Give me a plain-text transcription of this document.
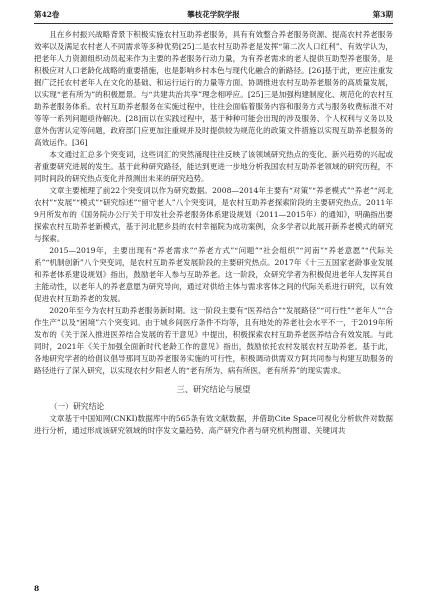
第42卷	攀枝花学院学报	第3期

且在乡村振兴战略背景下积极实施农村互助养老服务，具有有效整合养老服务资源、提高农村养老服务效率以及满足农村老人不同需求等多种优势[25]二是农村互助养老是发挥“第二次人口红利”、有效学认为，把老年人力资源组织动员起来作为主要的养老服务行动力量，为有养老需求的老人提供互助型养老服务，是积极应对人口老龄化战略的重要措施，也是影响乡村本色与现代化融合的新路径。[26]基于此，更应注重发掘广泛托农村老年人在文化的基础、和运行运行的力量等方面、协调推进农村互助养老服务的高质量发展，以实现“老有所为”的积极愿景。与“共建共治共享”理念相呼应。[25]三是加强构建制度化、规范化的农村互助养老服务体系。农村互助养老服务在实施过程中，往往会面临着服务内容和服务方式与服务收费标准不对等等一系列问题亟待解决。[28]而以在实践过程中，基于种种可能会出现的涉及服务、个人权利与义务以及意外伤害认定等问题，政府部门应更加注重规并及时提供较为规范化的政策文件措施以实现互助养老服务的高效运作。[36]

本文通过汇总多个突变词，这些词汇的突然涌现往往反映了该领域研究热点的变化、新兴趋势的兴起或者重要研究进展的发生。基于此种研究路径，能达到更进一步地分析我国农村互助养老领域的研究历程，不同时间段的研究热点变化并预测出未来的研究趋势。

文章主要梳理了前22个突变词以作为研究数据。2008—2014年主要有“对策”“养老模式”“养老”“河北农村”“发展”“模式”“研究综述”“留守老人”八个突变词，是农村互助养老探索阶段的主要研究热点。2011年9月所发布的《国务院办公厅关于印发社会养老服务体系建设规划（2011—2015年）的通知》，明确指出要探索农村互助养老新模式，基于河北肥乡县的农村幸福院为成功案例，众多学者以此展开新养老模式的研究与探索。

2015—2019年，主要出现有“养老需求”“养老方式”“问题”“社会组织”“河南”“养老意愿”“代际关系”“机制创新”八个突变词，是农村互助养老发展阶段的主要研究热点。2017年《十三五国家老龄事业发展和养老体系建设规划》指出，鼓励老年人参与互助养老。这一阶段，众研究学者为积极促进老年人发挥其自主能动性，以老年人的养老意愿为研究导向，通过对供给主体与需求客体之间的代际关系进行研究，以有效促进农村互助养老的发展。

2020年至今为农村互助养老服务新时期。这一阶段主要有“医养结合”“发展路径”“可行性”“老年人”“合作生产”以及“困境”六个突变词。由于城乡间医疗条件不均等，且有地处的养老社会水平不一，于2019年所发布的《关于深入推进医养结合发展的若干意见》中提出，积极探索农村互助养老医养结合有效发展。与此同时，2021年《关于加强全面新时代老龄工作的意见》指出，鼓励依托农村发展农村互助养老。基于此，各地研究学者的给倡议倡导那同互助养老服务实施的可行性，积极调动供需双方阿共同参与构建互助服务的路径进行了深入研究，以实现农村夕阳老人的“老有所为、病有所医、老有所养”的现实需求。

三、研究结论与展望
（一）研究结论

文章基于中国知网(CNKI)数据库中的565条有效文献数据，并借助Cite Space可视化分析软件对数据进行分析，通过形成该研究领域的时序发文量趋势、高产研究作者与研究机构图谱、关键词共

8
